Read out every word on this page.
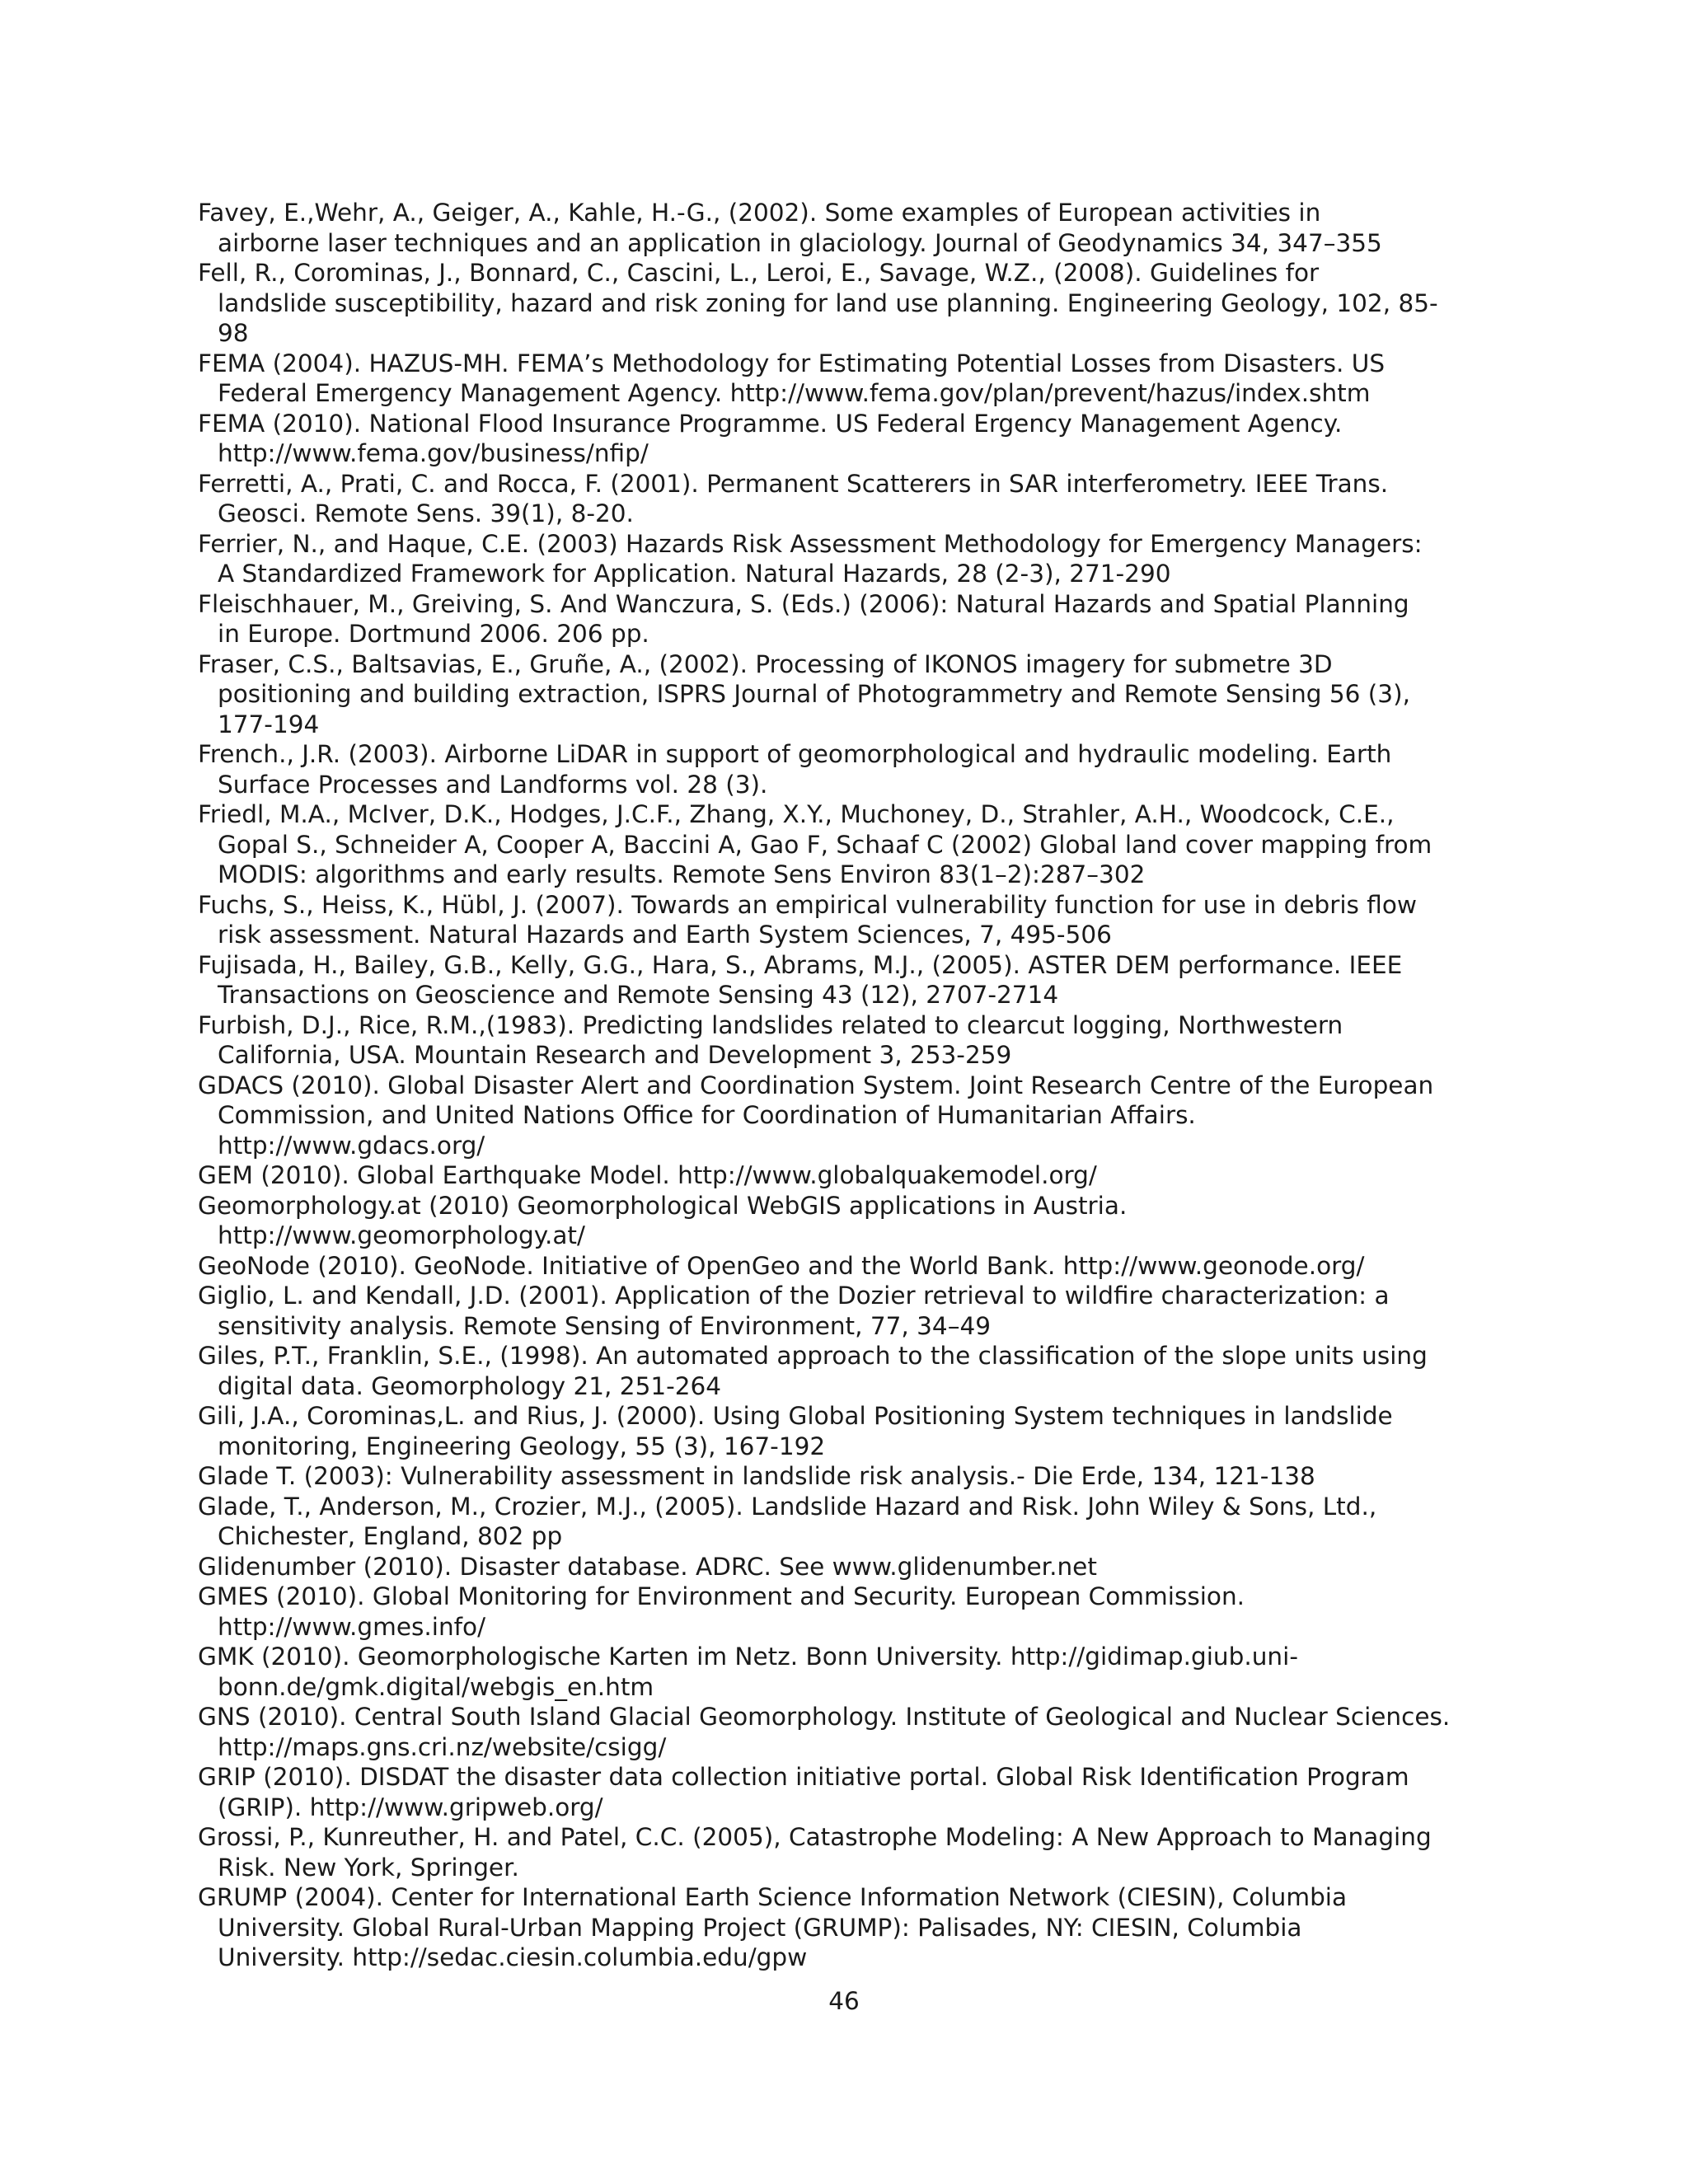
Favey, E.,Wehr, A., Geiger, A., Kahle, H.-G., (2002). Some examples of European activities in
airborne laser techniques and an application in glaciology. Journal of Geodynamics 34, 347–355
Fell, R., Corominas, J., Bonnard, C., Cascini, L., Leroi, E., Savage, W.Z., (2008). Guidelines for
landslide susceptibility, hazard and risk zoning for land use planning. Engineering Geology, 102, 85-
98
FEMA (2004). HAZUS-MH. FEMA’s Methodology for Estimating Potential Losses from Disasters. US
Federal Emergency Management Agency. http://www.fema.gov/plan/prevent/hazus/index.shtm
FEMA (2010). National Flood Insurance Programme. US Federal Ergency Management Agency.
http://www.fema.gov/business/nfip/
Ferretti, A., Prati, C. and Rocca, F. (2001). Permanent Scatterers in SAR interferometry. IEEE Trans.
Geosci. Remote Sens. 39(1), 8-20.
Ferrier, N., and Haque, C.E. (2003) Hazards Risk Assessment Methodology for Emergency Managers:
A Standardized Framework for Application. Natural Hazards, 28 (2-3), 271-290
Fleischhauer, M., Greiving, S. And Wanczura, S. (Eds.) (2006): Natural Hazards and Spatial Planning
in Europe. Dortmund 2006. 206 pp.
Fraser, C.S., Baltsavias, E., Gruñe, A., (2002). Processing of IKONOS imagery for submetre 3D
positioning and building extraction, ISPRS Journal of Photogrammetry and Remote Sensing 56 (3),
177-194
French., J.R. (2003). Airborne LiDAR in support of geomorphological and hydraulic modeling. Earth
Surface Processes and Landforms vol. 28 (3).
Friedl, M.A., McIver, D.K., Hodges, J.C.F., Zhang, X.Y., Muchoney, D., Strahler, A.H., Woodcock, C.E.,
Gopal S., Schneider A, Cooper A, Baccini A, Gao F, Schaaf C (2002) Global land cover mapping from
MODIS: algorithms and early results. Remote Sens Environ 83(1–2):287–302
Fuchs, S., Heiss, K., Hübl, J. (2007). Towards an empirical vulnerability function for use in debris flow
risk assessment. Natural Hazards and Earth System Sciences, 7, 495-506
Fujisada, H., Bailey, G.B., Kelly, G.G., Hara, S., Abrams, M.J., (2005). ASTER DEM performance. IEEE
Transactions on Geoscience and Remote Sensing 43 (12), 2707-2714
Furbish, D.J., Rice, R.M.,(1983). Predicting landslides related to clearcut logging, Northwestern
California, USA. Mountain Research and Development 3, 253-259
GDACS (2010). Global Disaster Alert and Coordination System. Joint Research Centre of the European
Commission, and United Nations Office for Coordination of Humanitarian Affairs.
http://www.gdacs.org/
GEM (2010). Global Earthquake Model. http://www.globalquakemodel.org/
Geomorphology.at (2010) Geomorphological WebGIS applications in Austria.
http://www.geomorphology.at/
GeoNode (2010). GeoNode. Initiative of OpenGeo and the World Bank. http://www.geonode.org/
Giglio, L. and Kendall, J.D. (2001). Application of the Dozier retrieval to wildfire characterization: a
sensitivity analysis. Remote Sensing of Environment, 77, 34–49
Giles, P.T., Franklin, S.E., (1998). An automated approach to the classification of the slope units using
digital data. Geomorphology 21, 251-264
Gili, J.A., Corominas,L. and Rius, J. (2000). Using Global Positioning System techniques in landslide
monitoring, Engineering Geology, 55 (3), 167-192
Glade T. (2003): Vulnerability assessment in landslide risk analysis.- Die Erde, 134, 121-138
Glade, T., Anderson, M., Crozier, M.J., (2005). Landslide Hazard and Risk. John Wiley & Sons, Ltd.,
Chichester, England, 802 pp
Glidenumber (2010). Disaster database. ADRC. See www.glidenumber.net
GMES (2010). Global Monitoring for Environment and Security. European Commission.
http://www.gmes.info/
GMK (2010). Geomorphologische Karten im Netz. Bonn University. http://gidimap.giub.uni-
bonn.de/gmk.digital/webgis_en.htm
GNS (2010). Central South Island Glacial Geomorphology. Institute of Geological and Nuclear Sciences.
http://maps.gns.cri.nz/website/csigg/
GRIP (2010). DISDAT the disaster data collection initiative portal. Global Risk Identification Program
(GRIP). http://www.gripweb.org/
Grossi, P., Kunreuther, H. and Patel, C.C. (2005), Catastrophe Modeling: A New Approach to Managing
Risk. New York, Springer.
GRUMP (2004). Center for International Earth Science Information Network (CIESIN), Columbia
University. Global Rural-Urban Mapping Project (GRUMP): Palisades, NY: CIESIN, Columbia
University. http://sedac.ciesin.columbia.edu/gpw
46
